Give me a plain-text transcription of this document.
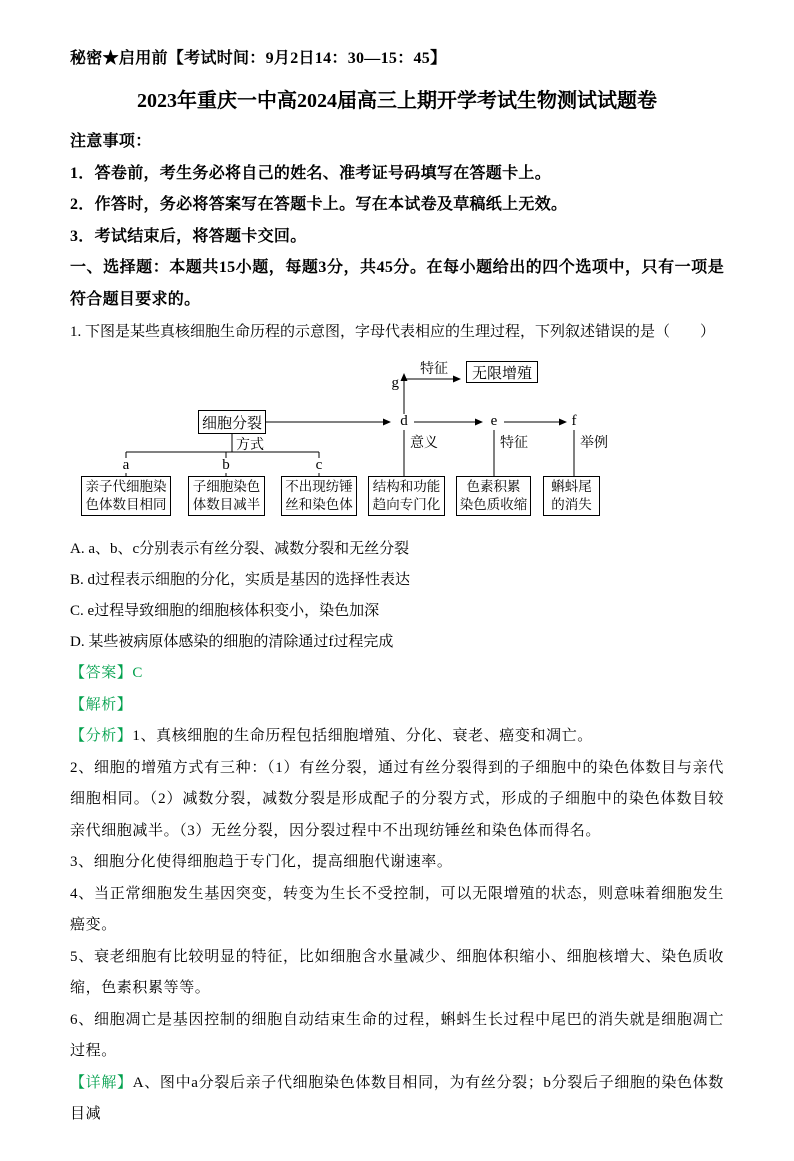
秘密★启用前【考试时间：9月2日14：30—15：45】
2023年重庆一中高2024届高三上期开学考试生物测试试题卷
注意事项：
1．答卷前，考生务必将自己的姓名、准考证号码填写在答题卡上。
2．作答时，务必将答案写在答题卡上。写在本试卷及草稿纸上无效。
3．考试结束后，将答题卡交回。
一、选择题：本题共15小题，每题3分，共45分。在每小题给出的四个选项中，只有一项是符合题目要求的。
1. 下图是某些真核细胞生命历程的示意图，字母代表相应的生理过程，下列叙述错误的是（　　）
无限增殖
细胞分裂
g
d	e	f
a	b	c
特征
方式	意义	特征	举例
亲子代细胞染
色体数目相同
子细胞染色
体数目减半
不出现纺锤
丝和染色体
结构和功能
趋向专门化
色素积累
染色质收缩
蝌蚪尾
的消失
A. a、b、c分别表示有丝分裂、减数分裂和无丝分裂
B. d过程表示细胞的分化，实质是基因的选择性表达
C. e过程导致细胞的细胞核体积变小，染色加深
D. 某些被病原体感染的细胞的清除通过f过程完成
【答案】C
【解析】
【分析】1、真核细胞的生命历程包括细胞增殖、分化、衰老、癌变和凋亡。
2、细胞的增殖方式有三种：（1）有丝分裂，通过有丝分裂得到的子细胞中的染色体数目与亲代细胞相同。（2）减数分裂，减数分裂是形成配子的分裂方式，形成的子细胞中的染色体数目较亲代细胞减半。（3）无丝分裂，因分裂过程中不出现纺锤丝和染色体而得名。
3、细胞分化使得细胞趋于专门化，提高细胞代谢速率。
4、当正常细胞发生基因突变，转变为生长不受控制，可以无限增殖的状态，则意味着细胞发生癌变。
5、衰老细胞有比较明显的特征，比如细胞含水量减少、细胞体积缩小、细胞核增大、染色质收缩，色素积累等等。
6、细胞凋亡是基因控制的细胞自动结束生命的过程，蝌蚪生长过程中尾巴的消失就是细胞凋亡过程。
【详解】A、图中a分裂后亲子代细胞染色体数目相同，为有丝分裂；b分裂后子细胞的染色体数目减
